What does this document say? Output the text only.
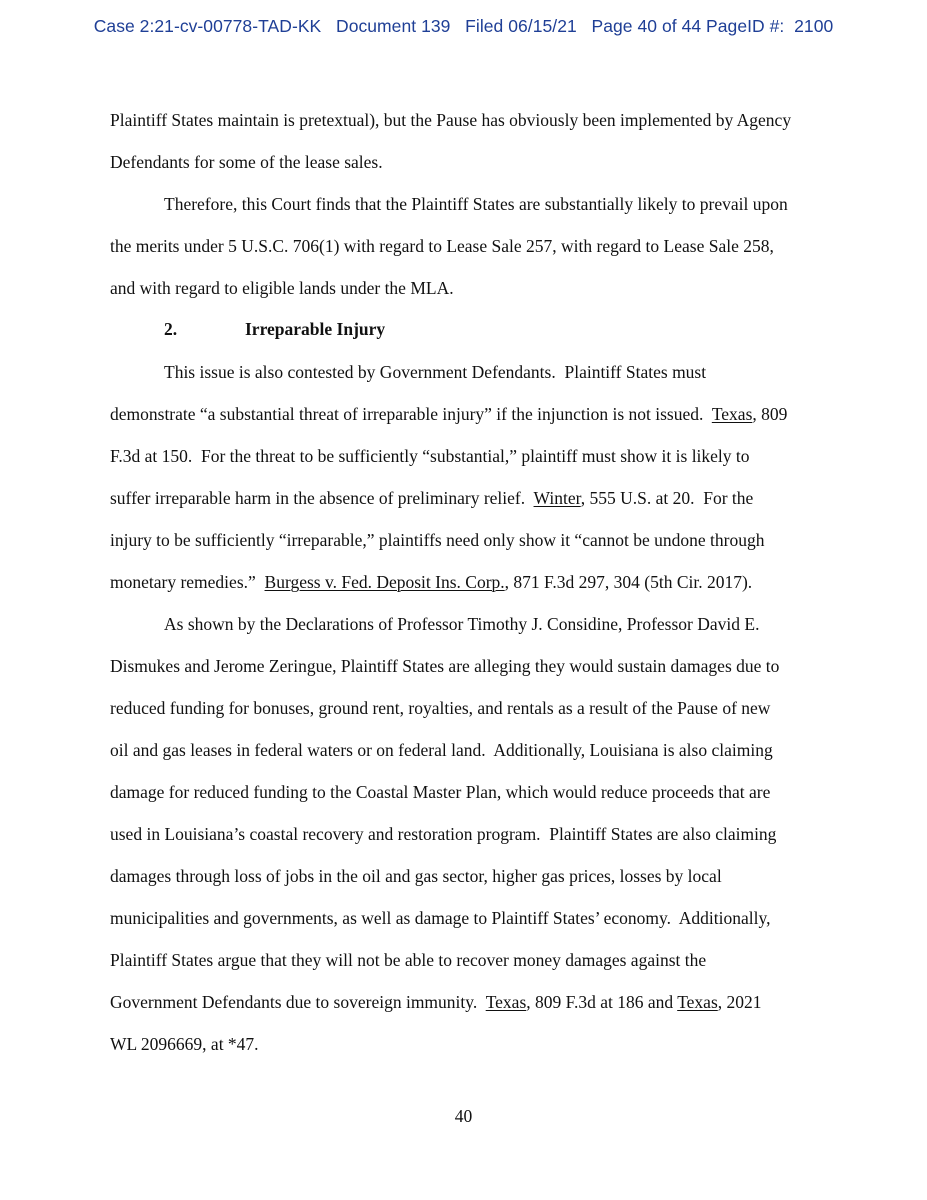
Case 2:21-cv-00778-TAD-KK   Document 139   Filed 06/15/21   Page 40 of 44 PageID #:  2100
Plaintiff States maintain is pretextual), but the Pause has obviously been implemented by Agency
Defendants for some of the lease sales.
Therefore, this Court finds that the Plaintiff States are substantially likely to prevail upon
the merits under 5 U.S.C. 706(1) with regard to Lease Sale 257, with regard to Lease Sale 258,
and with regard to eligible lands under the MLA.
2.	Irreparable Injury
This issue is also contested by Government Defendants.  Plaintiff States must
demonstrate “a substantial threat of irreparable injury” if the injunction is not issued.  Texas, 809
F.3d at 150.  For the threat to be sufficiently “substantial,” plaintiff must show it is likely to
suffer irreparable harm in the absence of preliminary relief.  Winter, 555 U.S. at 20.  For the
injury to be sufficiently “irreparable,” plaintiffs need only show it “cannot be undone through
monetary remedies.”  Burgess v. Fed. Deposit Ins. Corp., 871 F.3d 297, 304 (5th Cir. 2017).
As shown by the Declarations of Professor Timothy J. Considine, Professor David E.
Dismukes and Jerome Zeringue, Plaintiff States are alleging they would sustain damages due to
reduced funding for bonuses, ground rent, royalties, and rentals as a result of the Pause of new
oil and gas leases in federal waters or on federal land.  Additionally, Louisiana is also claiming
damage for reduced funding to the Coastal Master Plan, which would reduce proceeds that are
used in Louisiana’s coastal recovery and restoration program.  Plaintiff States are also claiming
damages through loss of jobs in the oil and gas sector, higher gas prices, losses by local
municipalities and governments, as well as damage to Plaintiff States’ economy.  Additionally,
Plaintiff States argue that they will not be able to recover money damages against the
Government Defendants due to sovereign immunity.  Texas, 809 F.3d at 186 and Texas, 2021
WL 2096669, at *47.
40
